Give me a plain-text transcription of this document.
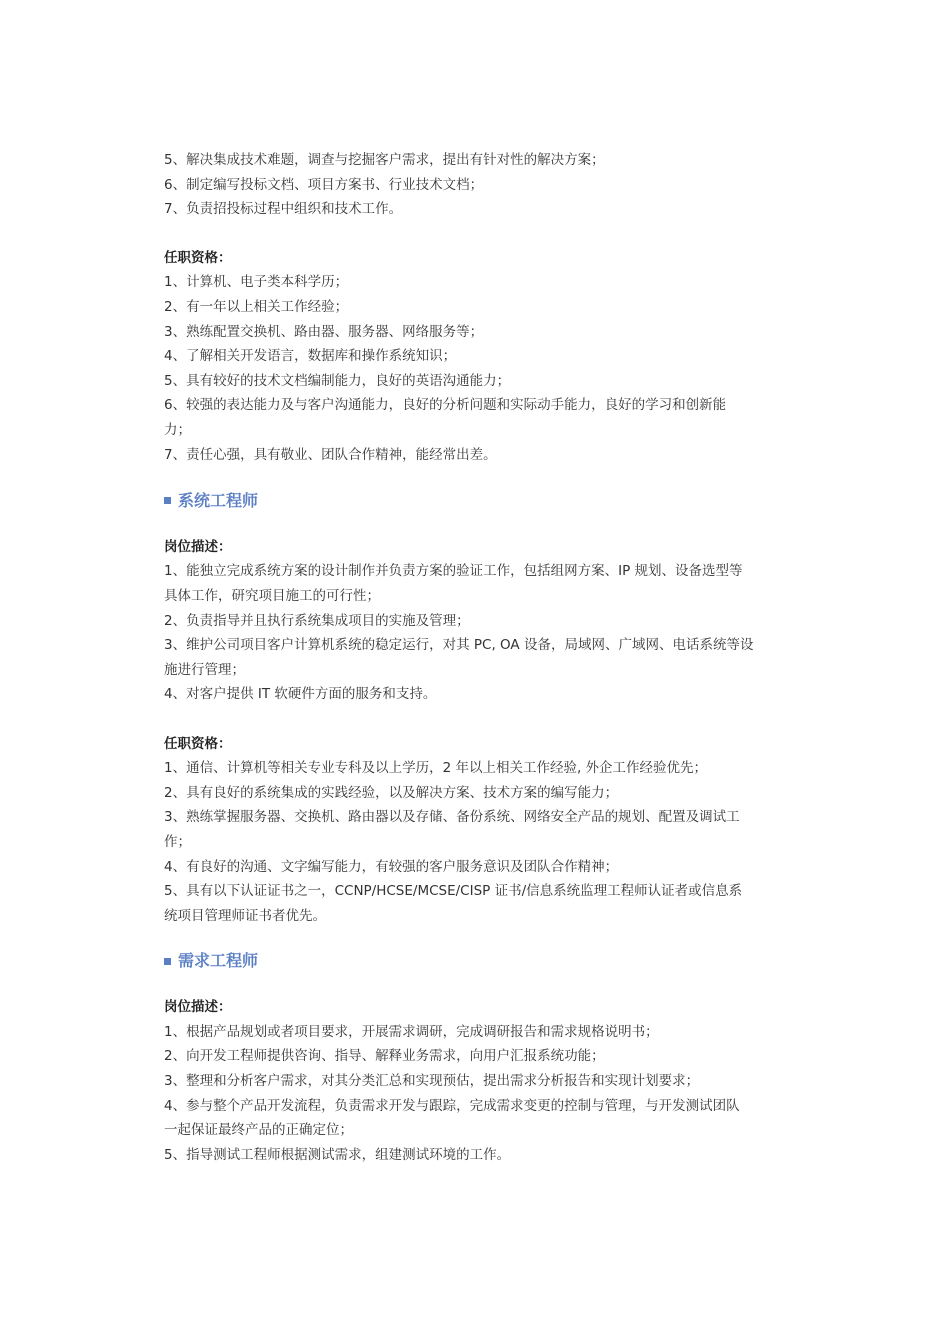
5、解决集成技术难题，调查与挖掘客户需求，提出有针对性的解决方案；

6、制定编写投标文档、项目方案书、行业技术文档；

7、负责招投标过程中组织和技术工作。

任职资格：

1、计算机、电子类本科学历；

2、有一年以上相关工作经验；

3、熟练配置交换机、路由器、服务器、网络服务等；

4、了解相关开发语言，数据库和操作系统知识；

5、具有较好的技术文档编制能力，良好的英语沟通能力；

6、较强的表达能力及与客户沟通能力，良好的分析问题和实际动手能力，良好的学习和创新能

力；

7、责任心强，具有敬业、团队合作精神，能经常出差。

系统工程师
岗位描述：

1、能独立完成系统方案的设计制作并负责方案的验证工作，包括组网方案、IP 规划、设备选型等

具体工作，研究项目施工的可行性；

2、负责指导并且执行系统集成项目的实施及管理；

3、维护公司项目客户计算机系统的稳定运行，对其 PC, OA 设备，局域网、广域网、电话系统等设

施进行管理；

4、对客户提供 IT 软硬件方面的服务和支持。

任职资格：

1、通信、计算机等相关专业专科及以上学历，2 年以上相关工作经验, 外企工作经验优先；

2、具有良好的系统集成的实践经验，以及解决方案、技术方案的编写能力；

3、熟练掌握服务器、交换机、路由器以及存储、备份系统、网络安全产品的规划、配置及调试工

作；

4、有良好的沟通、文字编写能力，有较强的客户服务意识及团队合作精神；

5、具有以下认证证书之一，CCNP/HCSE/MCSE/CISP 证书/信息系统监理工程师认证者或信息系

统项目管理师证书者优先。

需求工程师
岗位描述：

1、根据产品规划或者项目要求，开展需求调研，完成调研报告和需求规格说明书；

2、向开发工程师提供咨询、指导、解释业务需求，向用户汇报系统功能；

3、整理和分析客户需求，对其分类汇总和实现预估，提出需求分析报告和实现计划要求；

4、参与整个产品开发流程，负责需求开发与跟踪，完成需求变更的控制与管理，与开发测试团队

一起保证最终产品的正确定位；

5、指导测试工程师根据测试需求，组建测试环境的工作。
